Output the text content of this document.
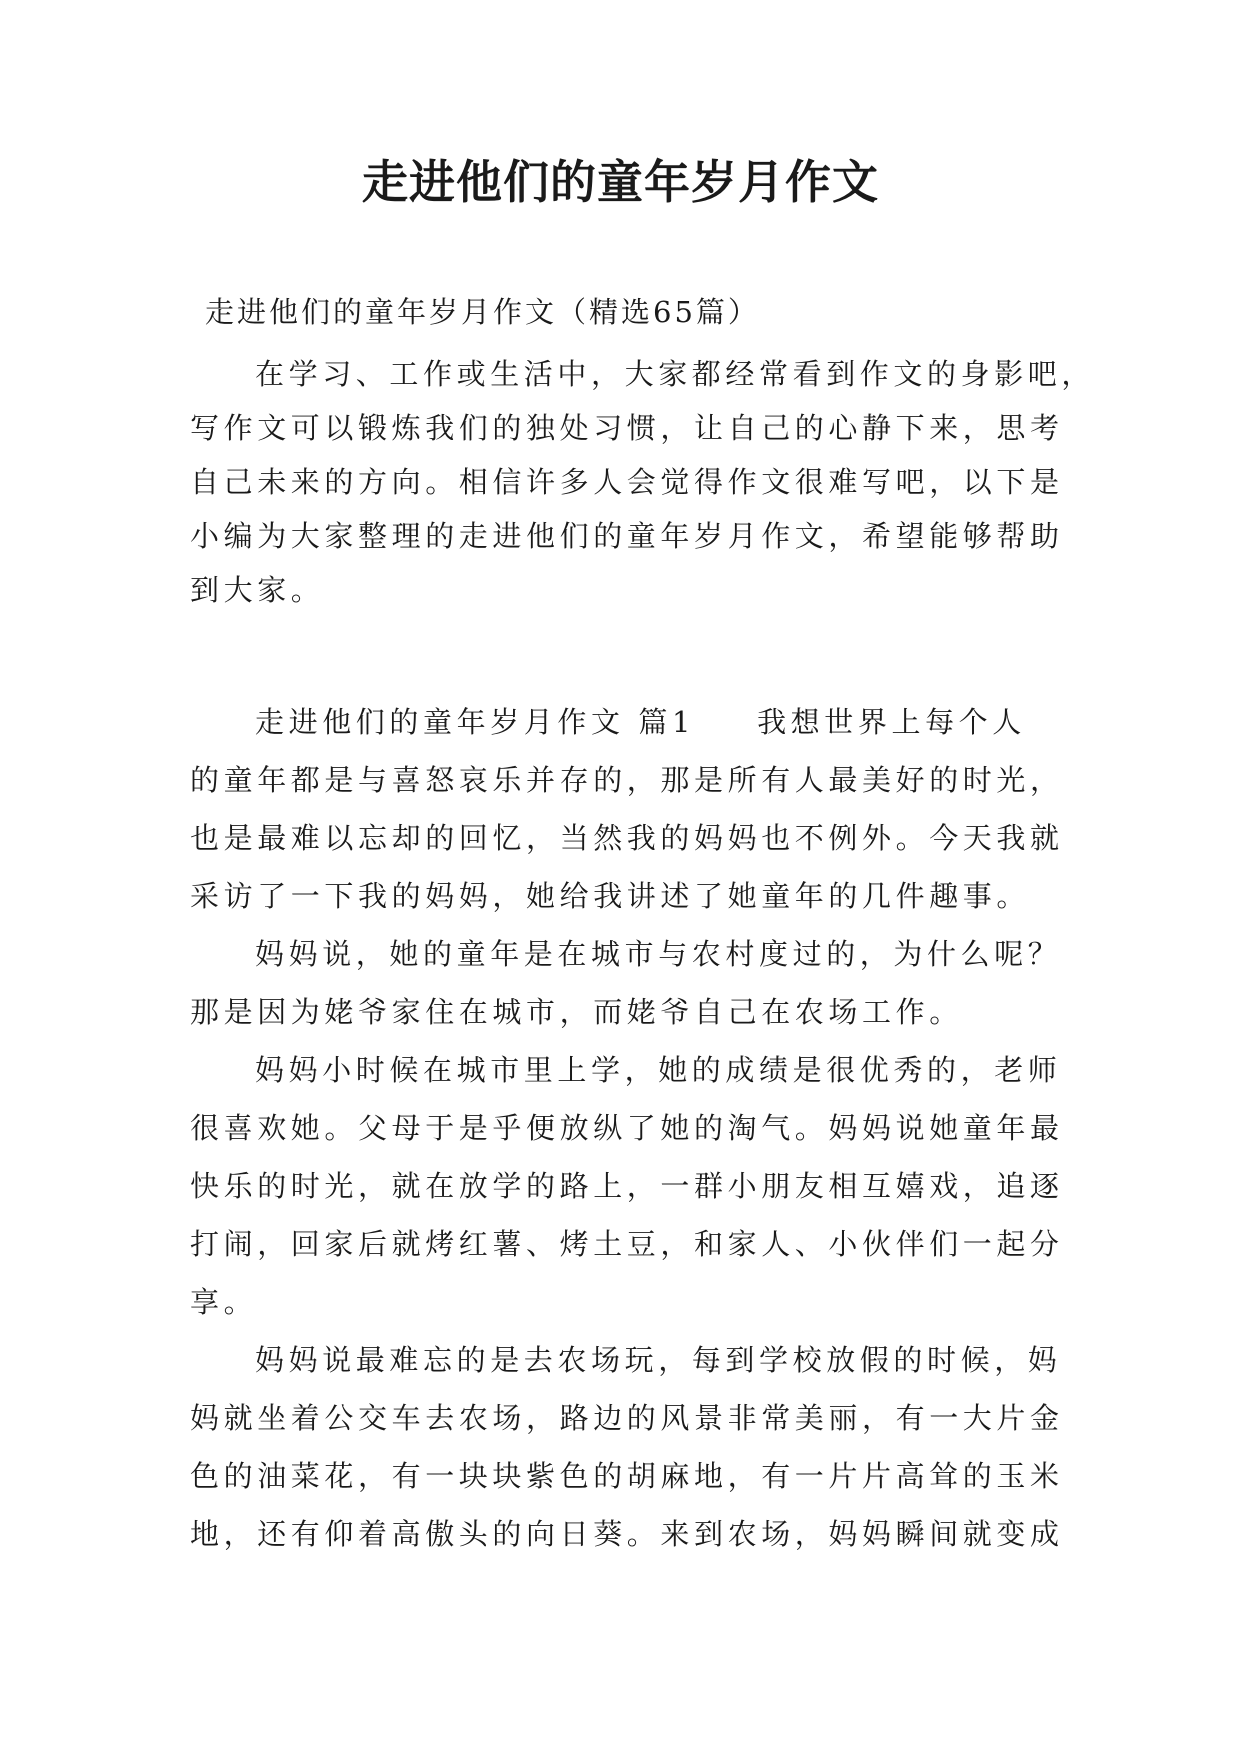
走进他们的童年岁月作文

走进他们的童年岁月作文（精选65篇）

在学习、工作或生活中，大家都经常看到作文的身影吧，

写作文可以锻炼我们的独处习惯，让自己的心静下来，思考

自己未来的方向。相信许多人会觉得作文很难写吧，以下是

小编为大家整理的走进他们的童年岁月作文，希望能够帮助

到大家。

走进他们的童年岁月作文 篇1 我想世界上每个人

的童年都是与喜怒哀乐并存的，那是所有人最美好的时光，

也是最难以忘却的回忆，当然我的妈妈也不例外。今天我就

采访了一下我的妈妈，她给我讲述了她童年的几件趣事。

妈妈说，她的童年是在城市与农村度过的，为什么呢？

那是因为姥爷家住在城市，而姥爷自己在农场工作。

妈妈小时候在城市里上学，她的成绩是很优秀的，老师

很喜欢她。父母于是乎便放纵了她的淘气。妈妈说她童年最

快乐的时光，就在放学的路上，一群小朋友相互嬉戏，追逐

打闹，回家后就烤红薯、烤土豆，和家人、小伙伴们一起分

享。

妈妈说最难忘的是去农场玩，每到学校放假的时候，妈

妈就坐着公交车去农场，路边的风景非常美丽，有一大片金

色的油菜花，有一块块紫色的胡麻地，有一片片高耸的玉米

地，还有仰着高傲头的向日葵。来到农场，妈妈瞬间就变成
